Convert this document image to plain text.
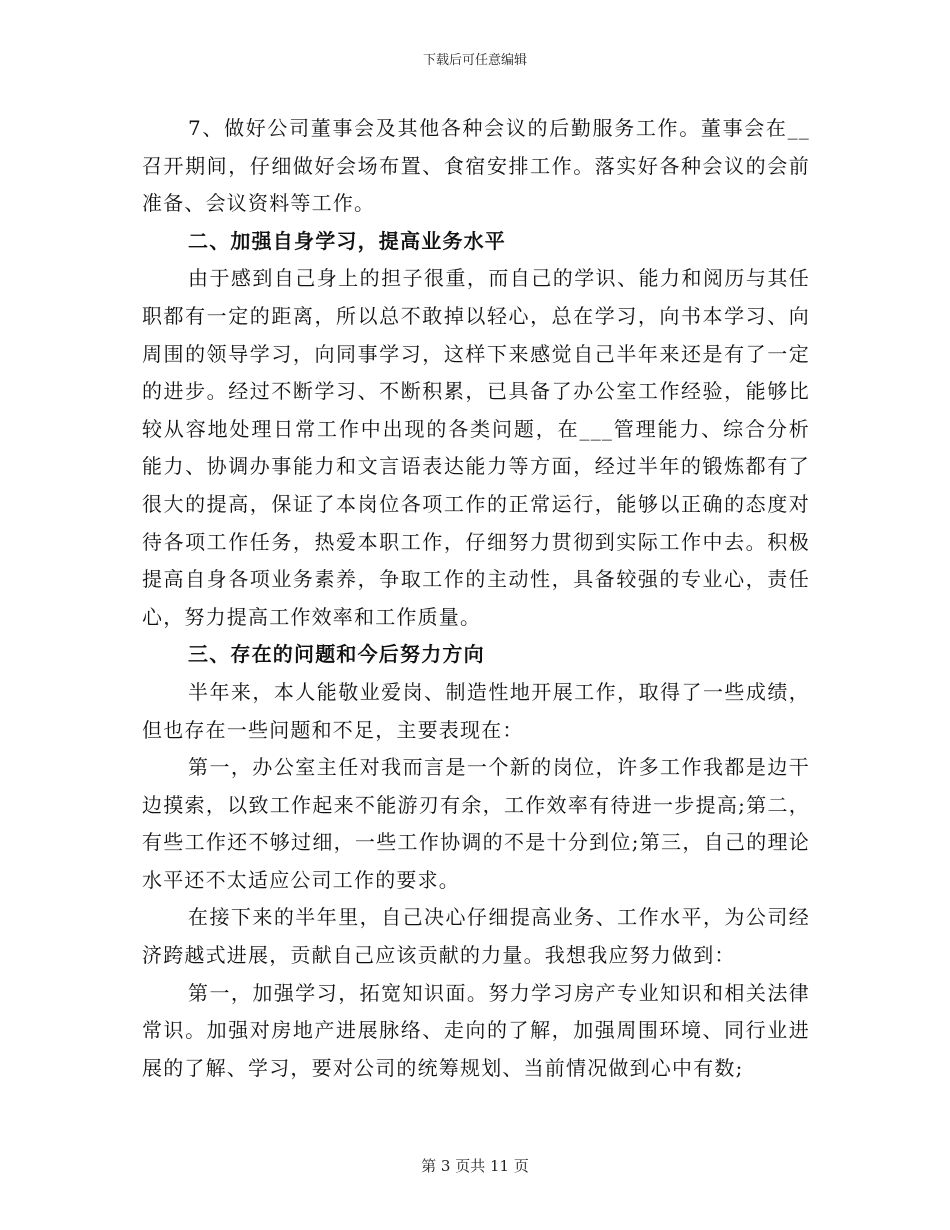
下载后可任意编辑

7、做好公司董事会及其他各种会议的后勤服务工作。董事会在__召开期间，仔细做好会场布置、食宿安排工作。落实好各种会议的会前准备、会议资料等工作。

二、加强自身学习，提高业务水平

由于感到自己身上的担子很重，而自己的学识、能力和阅历与其任职都有一定的距离，所以总不敢掉以轻心，总在学习，向书本学习、向周围的领导学习，向同事学习，这样下来感觉自己半年来还是有了一定的进步。经过不断学习、不断积累，已具备了办公室工作经验，能够比较从容地处理日常工作中出现的各类问题，在___管理能力、综合分析能力、协调办事能力和文言语表达能力等方面，经过半年的锻炼都有了很大的提高，保证了本岗位各项工作的正常运行，能够以正确的态度对待各项工作任务，热爱本职工作，仔细努力贯彻到实际工作中去。积极提高自身各项业务素养，争取工作的主动性，具备较强的专业心，责任心，努力提高工作效率和工作质量。

三、存在的问题和今后努力方向

半年来，本人能敬业爱岗、制造性地开展工作，取得了一些成绩，但也存在一些问题和不足，主要表现在：

第一，办公室主任对我而言是一个新的岗位，许多工作我都是边干边摸索，以致工作起来不能游刃有余，工作效率有待进一步提高;第二，有些工作还不够过细，一些工作协调的不是十分到位;第三，自己的理论水平还不太适应公司工作的要求。

在接下来的半年里，自己决心仔细提高业务、工作水平，为公司经济跨越式进展，贡献自己应该贡献的力量。我想我应努力做到：

第一，加强学习，拓宽知识面。努力学习房产专业知识和相关法律常识。加强对房地产进展脉络、走向的了解，加强周围环境、同行业进展的了解、学习，要对公司的统筹规划、当前情况做到心中有数;

第 3 页共 11 页
